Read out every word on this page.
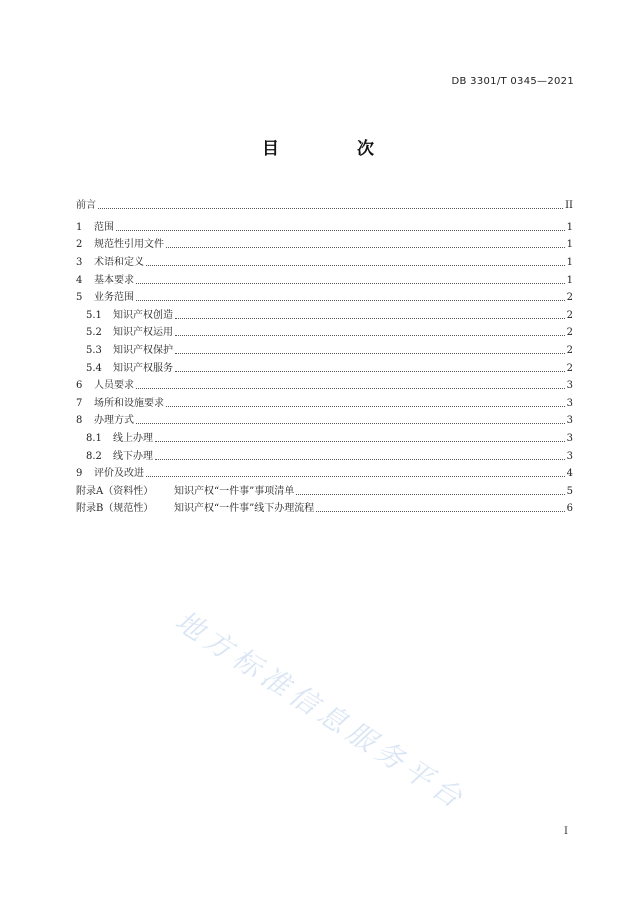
DB 3301/T 0345—2021
目 次
前言	II
1	范围	1
2	规范性引用文件	1
3	术语和定义	1
4	基本要求	1
5	业务范围	2
5.1	知识产权创造	2
5.2	知识产权运用	2
5.3	知识产权保护	2
5.4	知识产权服务	2
6	人员要求	3
7	场所和设施要求	3
8	办理方式	3
8.1	线上办理	3
8.2	线下办理	3
9	评价及改进	4
附录A（资料性）	知识产权“一件事”事项清单	5
附录B（规范性）	知识产权“一件事”线下办理流程	6
地方标准信息服务平台
I
